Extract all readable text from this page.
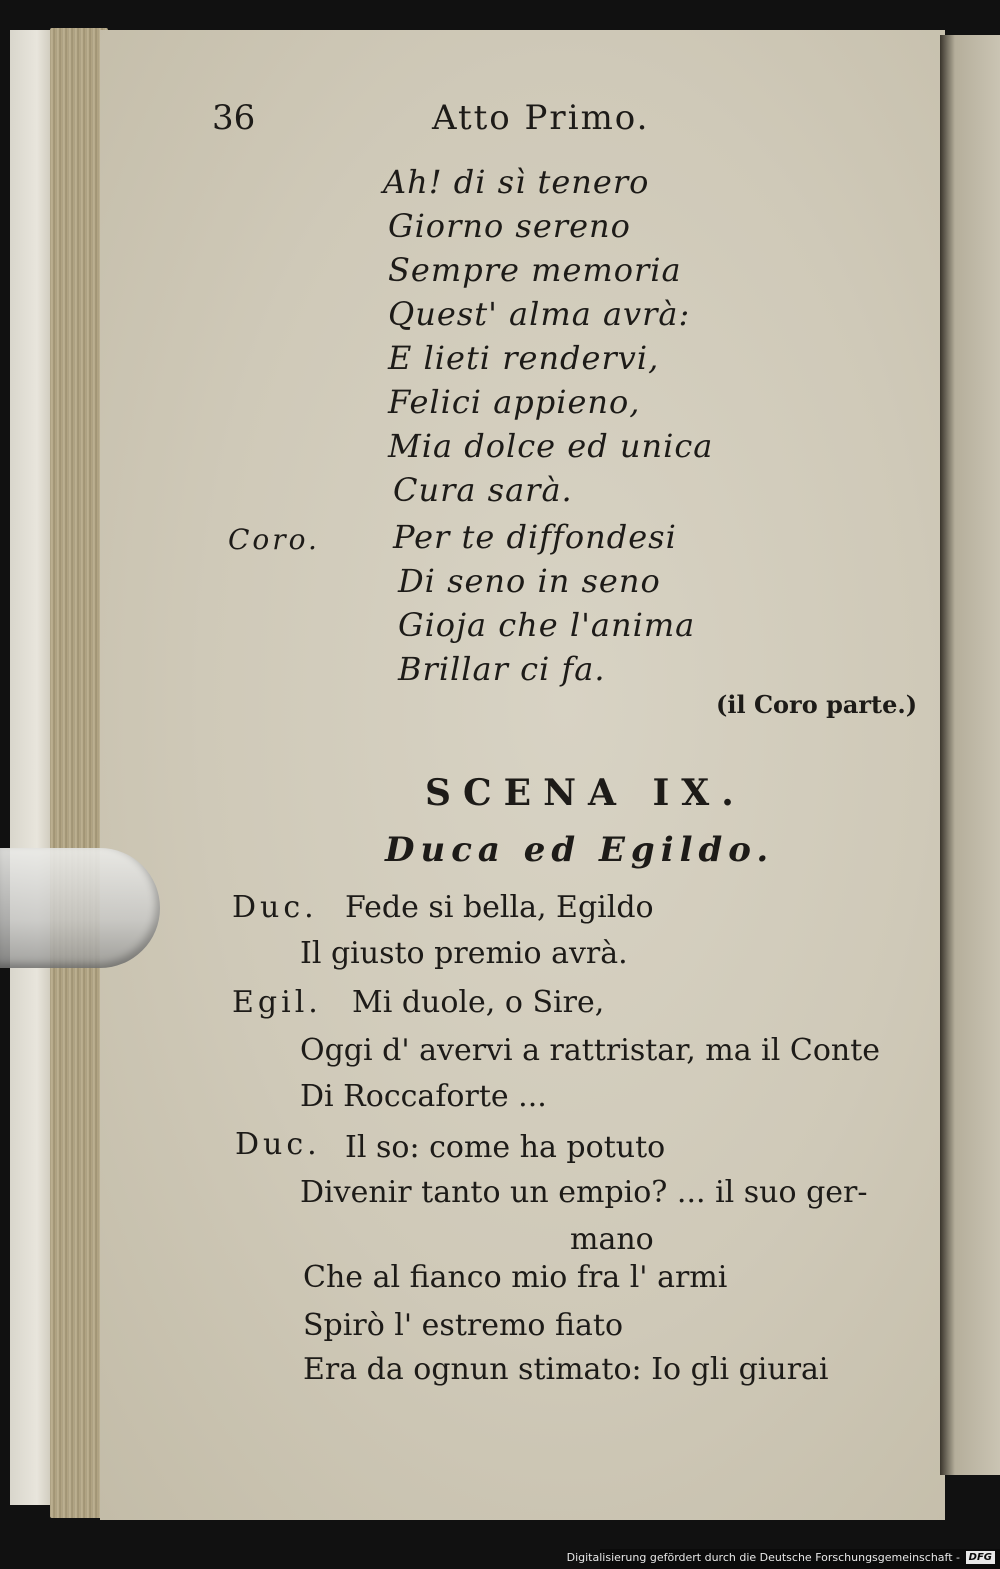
36	Atto Primo.
Ah! di sì tenero
Giorno sereno
Sempre memoria
Quest' alma avrà:
E lieti rendervi,
Felici appieno,
Mia dolce ed unica
Cura sarà.
Coro. Per te diffondesi
Di seno in seno
Gioja che l'anima
Brillar ci fa.
(il Coro parte.)
SCENA IX.
Duca ed Egildo.
Duc. Fede si bella, Egildo
Il giusto premio avrà.
Egil. Mi duole, o Sire,
Oggi d' avervi a rattristar, ma il Conte
Di Roccaforte ...
Duc. Il so: come ha potuto
Divenir tanto un empio? ... il suo ger-
mano
Che al fianco mio fra l' armi
Spirò l' estremo fiato
Era da ognun stimato: Io gli giurai
Digitalisierung gefördert durch die Deutsche Forschungsgemeinschaft - DFG
